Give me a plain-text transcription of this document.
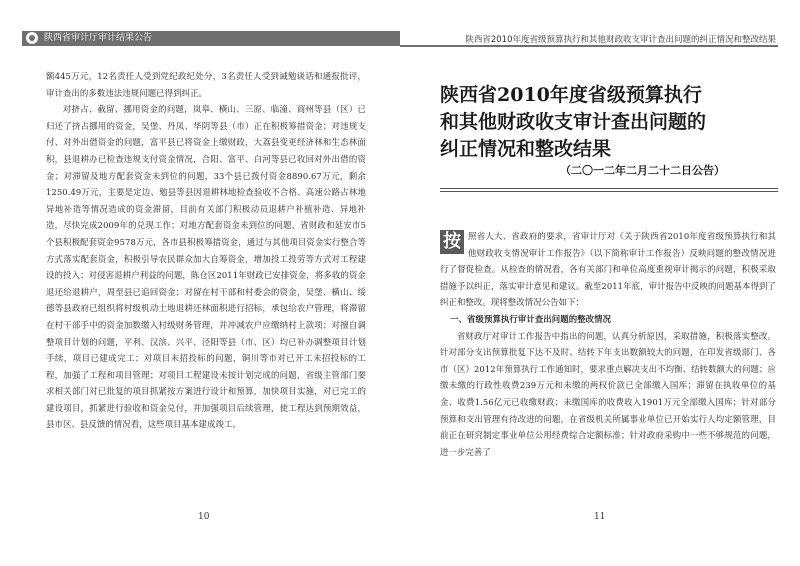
陕西省审计厅审计结果公告	陕西省2010年度省级预算执行和其他财政收支审计查出问题的纠正情况和整改结果

额445万元，12名责任人受到党纪政纪处分，3名责任人受到诫勉谈话和通报批评，审计查出的多数违法违规问题已得到纠正。

对挤占、截留、挪用资金的问题，岚皋、横山、三原、临潼、商州等县（区）已归还了挤占挪用的资金，吴堡、丹凤、华阴等县（市）正在积极筹措资金；对违规支付、对外出借资金的问题，富平县已将资金上缴财政，大荔县变更经济林和生态林面积，县退耕办已检查违规支付资金情况，合阳、富平、白河等县已收回对外出借的资金；对滞留及地方配套资金未到位的问题，33个县已拨付资金8890.67万元，剩余1250.49万元，主要是定边、勉县等县因退耕林地检查验收不合格、高速公路占林地异地补造等情况造成的资金滞留，目前有关部门积极动员退耕户补植补造、异地补造，尽快完成2009年的兑现工作；对地方配套资金未到位的问题，省财政和延安市5个县积极配套资金9578万元，各市县积极筹措资金，通过与其他项目资金实行整合等方式落实配套资金，积极引导农民群众加大自筹资金，增加投工投劳等方式对工程建设的投入；对侵害退耕户利益的问题，陈仓区2011年财政已安排资金，将多收的资金退还给退耕户，周至县已追回资金；对留在村干部和村委会的资金，吴堡、横山、绥德等县政府已组织将村级机动土地退耕还林面积进行招标，承包给农户管理，将滞留在村干部手中的资金加数缴入村级财务管理，并冲减农户应缴纳村上款项；对擅自调整项目计划的问题，平利、汉滨、兴平、泾阳等县（市、区）均已补办调整项目计划手续，项目已建成完工；对项目未招投标的问题，铜川等市对已开工未招投标的工程，加强了工程和项目管理；对项目工程建设未按计划完成的问题，省级主管部门要求相关部门对已批复的项目抓紧按方案进行设计和预算，加快项目实施，对已完工的建设项目，抓紧进行验收和资金兑付，并加强项目后续管理，使工程达到预期效益，县市区、县反馈的情况看，这些项目基本建成竣工。

10
陕西省2010年度省级预算执行
和其他财政收支审计查出问题的
纠正情况和整改结果
（二〇一二年二月二十二日公告）

按 照省人大、省政府的要求，省审计厅对《关于陕西省2010年度省级预算执行和其他财政收支情况审计工作报告》（以下简称审计工作报告）反映问题的整改情况进行了督促检查。从检查的情况看，各有关部门和单位高度重视审计揭示的问题，积极采取措施予以纠正，落实审计意见和建议。截至2011年底，审计报告中反映的问题基本得到了纠正和整改。现将整改情况公告如下：

一、省级预算执行审计查出问题的整改情况

省财政厅对审计工作报告中指出的问题，认真分析原因，采取措施，积极落实整改。针对部分支出预算批复下达不及时、结转下年支出数额较大的问题，在印发省级部门、各市（区）2012年预算执行工作通知时，要求重点解决支出不均衡、结转数额大的问题；应缴未缴的行政性收费239万元和未缴的两权价款已全部缴入国库；滞留在执收单位的基金、收费1.56亿元已收缴财政；未缴国库的收费收入1901万元全部缴入国库；针对部分预算和支出管理有待改进的问题，在省级机关所属事业单位已开始实行人均定额管理，目前正在研究制定事业单位公用经费综合定额标准；针对政府采购中一些不够规范的问题，进一步完善了

11
